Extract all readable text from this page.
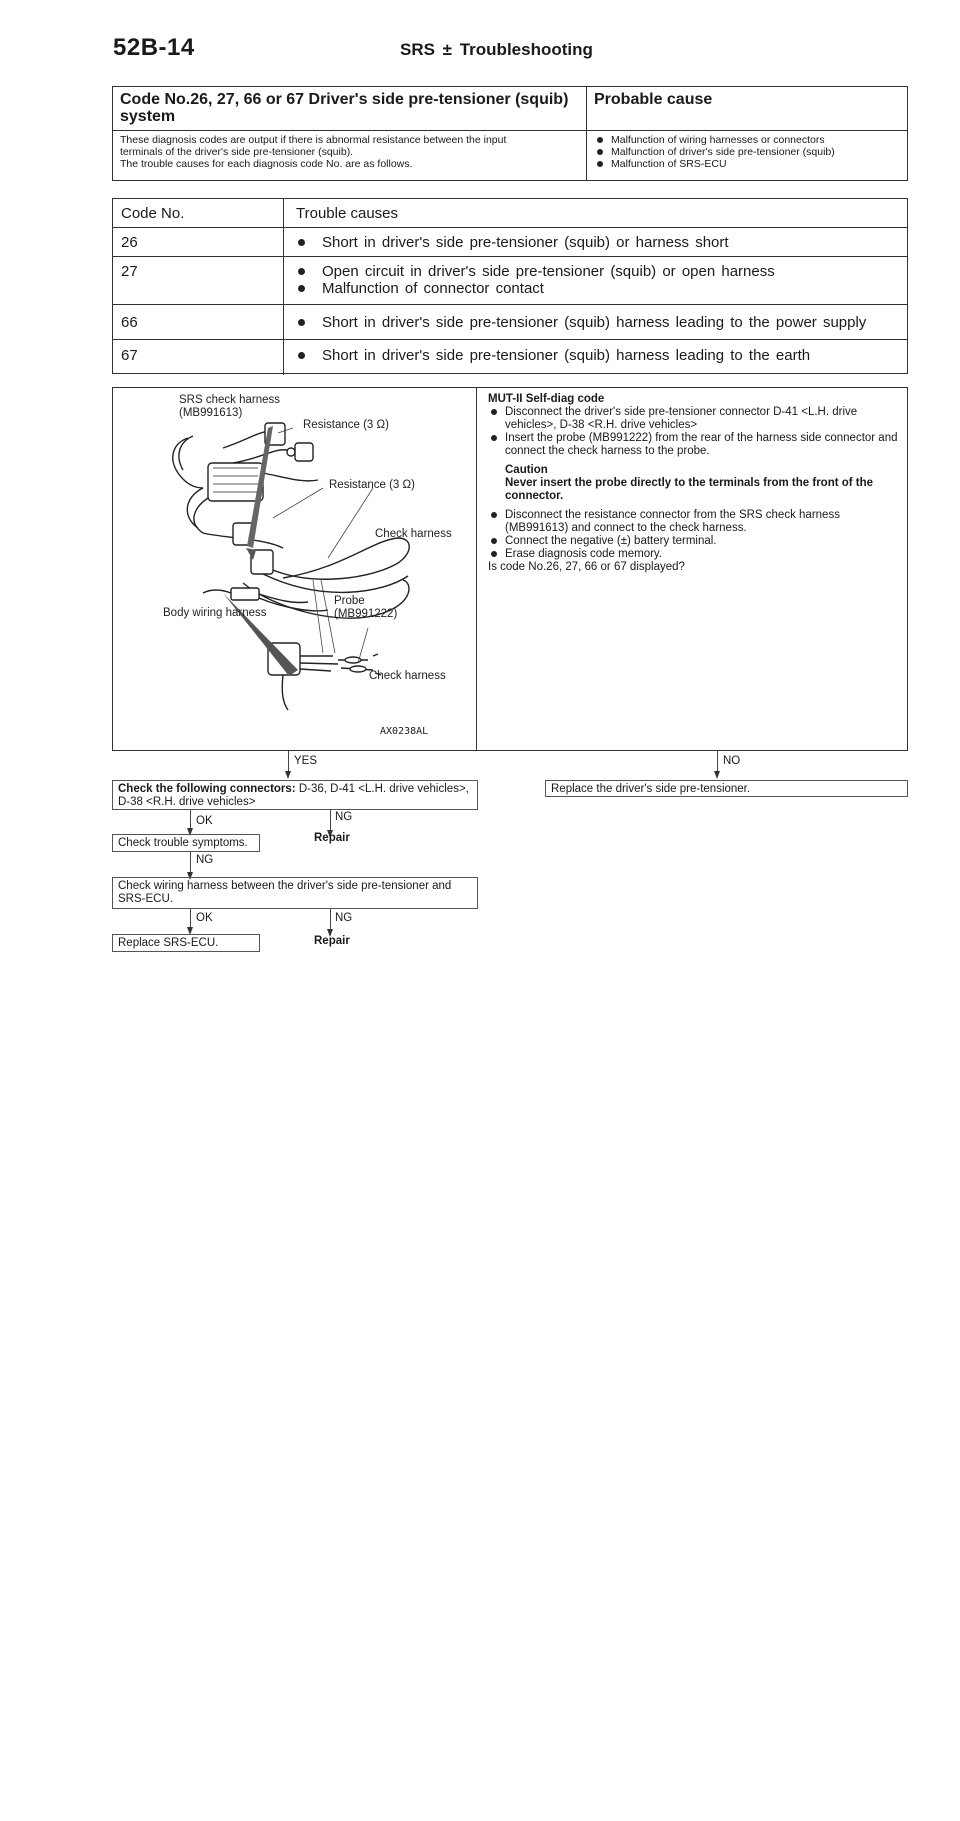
52B-14	SRS ± Troubleshooting
Code No.26, 27, 66 or 67 Driver's side pre-tensioner (squib) system
These diagnosis codes are output if there is abnormal resistance between the input
terminals of the driver's side pre-tensioner (squib).
The trouble causes for each diagnosis code No. are as follows.
Probable cause
Malfunction of wiring harnesses or connectors
Malfunction of driver's side pre-tensioner (squib)
Malfunction of SRS-ECU
Code No.	Trouble causes
26	Short in driver's side pre-tensioner (squib) or harness short
27	Open circuit in driver's side pre-tensioner (squib) or open harness
Malfunction of connector contact
66	Short in driver's side pre-tensioner (squib) harness leading to the power supply
67	Short in driver's side pre-tensioner (squib) harness leading to the earth
SRS check harness
(MB991613)
Resistance (3 Ω)
Resistance (3 Ω)
Check harness
Body wiring harness
Probe
(MB991222)
Check harness
AX0238AL
MUT-II Self-diag code
Disconnect the driver's side pre-tensioner connector D-41 <L.H. drive vehicles>, D-38 <R.H. drive vehicles>
Insert the probe (MB991222) from the rear of the harness side connector and connect the check harness to the probe.
Caution
Never insert the probe directly to the terminals from the front of the connector.
Disconnect the resistance connector from the SRS check harness (MB991613) and connect to the check harness.
Connect the negative (±) battery terminal.
Erase diagnosis code memory.
Is code No.26, 27, 66 or 67 displayed?
YES	NO
Check the following connectors: D-36, D-41 <L.H. drive vehicles>, D-38 <R.H. drive vehicles>
Replace the driver's side pre-tensioner.
OK	NG
Repair
Check trouble symptoms.
NG
Check wiring harness between the driver's side pre-tensioner and SRS-ECU.
OK	NG
Repair
Replace SRS-ECU.
